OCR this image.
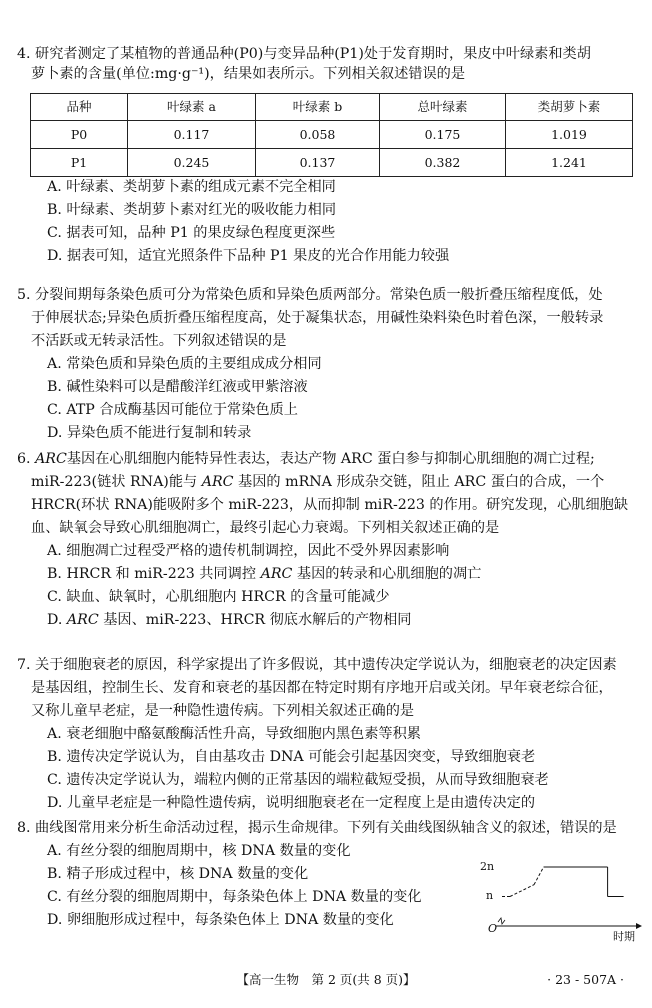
4. 研究者测定了某植物的普通品种(P0)与变异品种(P1)处于发育期时，果皮中叶绿素和类胡

萝卜素的含量(单位:mg·g⁻¹)，结果如表所示。下列相关叙述错误的是

品种	叶绿素 a	叶绿素 b	总叶绿素	类胡萝卜素
P0	0.117	0.058	0.175	1.019
P1	0.245	0.137	0.382	1.241

A. 叶绿素、类胡萝卜素的组成元素不完全相同

B. 叶绿素、类胡萝卜素对红光的吸收能力相同

C. 据表可知，品种 P1 的果皮绿色程度更深些

D. 据表可知，适宜光照条件下品种 P1 果皮的光合作用能力较强

5. 分裂间期每条染色质可分为常染色质和异染色质两部分。常染色质一般折叠压缩程度低，处

于伸展状态;异染色质折叠压缩程度高，处于凝集状态，用碱性染料染色时着色深，一般转录

不活跃或无转录活性。下列叙述错误的是

A. 常染色质和异染色质的主要组成成分相同

B. 碱性染料可以是醋酸洋红液或甲紫溶液

C. ATP 合成酶基因可能位于常染色质上

D. 异染色质不能进行复制和转录

6. ARC基因在心肌细胞内能特异性表达，表达产物 ARC 蛋白参与抑制心肌细胞的凋亡过程;

miR-223(链状 RNA)能与 ARC 基因的 mRNA 形成杂交链，阻止 ARC 蛋白的合成，一个

HRCR(环状 RNA)能吸附多个 miR-223，从而抑制 miR-223 的作用。研究发现，心肌细胞缺

血、缺氧会导致心肌细胞凋亡，最终引起心力衰竭。下列相关叙述正确的是

A. 细胞凋亡过程受严格的遗传机制调控，因此不受外界因素影响

B. HRCR 和 miR-223 共同调控 ARC 基因的转录和心肌细胞的凋亡

C. 缺血、缺氧时，心肌细胞内 HRCR 的含量可能减少

D. ARC 基因、miR-223、HRCR 彻底水解后的产物相同

7. 关于细胞衰老的原因，科学家提出了许多假说，其中遗传决定学说认为，细胞衰老的决定因素

是基因组，控制生长、发育和衰老的基因都在特定时期有序地开启或关闭。早年衰老综合征，

又称儿童早老症，是一种隐性遗传病。下列相关叙述正确的是

A. 衰老细胞中酪氨酸酶活性升高，导致细胞内黑色素等积累

B. 遗传决定学说认为，自由基攻击 DNA 可能会引起基因突变，导致细胞衰老

C. 遗传决定学说认为，端粒内侧的正常基因的端粒截短受损，从而导致细胞衰老

D. 儿童早老症是一种隐性遗传病，说明细胞衰老在一定程度上是由遗传决定的

8. 曲线图常用来分析生命活动过程，揭示生命规律。下列有关曲线图纵轴含义的叙述，错误的是

A. 有丝分裂的细胞周期中，核 DNA 数量的变化

B. 精子形成过程中，核 DNA 数量的变化

C. 有丝分裂的细胞周期中，每条染色体上 DNA 数量的变化

D. 卵细胞形成过程中，每条染色体上 DNA 数量的变化

2n
n
O
时期
【高一生物　第 2 页(共 8 页)】	· 23 - 507A ·
